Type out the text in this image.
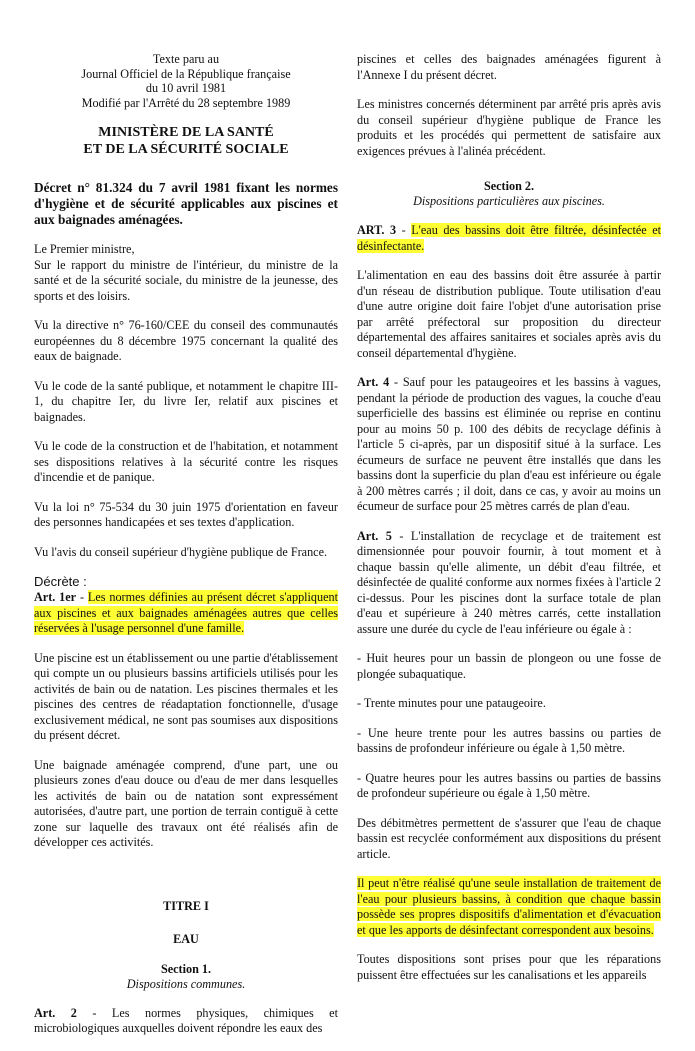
Texte paru au
Journal Officiel de la République française
du 10 avril 1981
Modifié par l'Arrêté du 28 septembre 1989
MINISTÈRE DE LA SANTÉ
ET DE LA SÉCURITÉ SOCIALE

Décret n° 81.324 du 7 avril 1981 fixant les normes d'hygiène et de sécurité applicables aux piscines et aux baignades aménagées.

Le Premier ministre,
Sur le rapport du ministre de l'intérieur, du ministre de la santé et de la sécurité sociale, du ministre de la jeunesse, des sports et des loisirs.

Vu la directive n° 76-160/CEE du conseil des communautés européennes du 8 décembre 1975 concernant la qualité des eaux de baignade.

Vu le code de la santé publique, et notamment le chapitre III-1, du chapitre Ier, du livre Ier, relatif aux piscines et baignades.

Vu le code de la construction et de l'habitation, et notamment ses dispositions relatives à la sécurité contre les risques d'incendie et de panique.

Vu la loi n° 75-534 du 30 juin 1975 d'orientation en faveur des personnes handicapées et ses textes d'application.

Vu l'avis du conseil supérieur d'hygiène publique de France.

Décrète :

Art. 1er - Les normes définies au présent décret s'appliquent aux piscines et aux baignades aménagées autres que celles réservées à l'usage personnel d'une famille.

Une piscine est un établissement ou une partie d'établissement qui compte un ou plusieurs bassins artificiels utilisés pour les activités de bain ou de natation. Les piscines thermales et les piscines des centres de réadaptation fonctionnelle, d'usage exclusivement médical, ne sont pas soumises aux dispositions du présent décret.

Une baignade aménagée comprend, d'une part, une ou plusieurs zones d'eau douce ou d'eau de mer dans lesquelles les activités de bain ou de natation sont expressément autorisées, d'autre part, une portion de terrain contiguë à cette zone sur laquelle des travaux ont été réalisés afin de développer ces activités.

TITRE I
EAU
Section 1.
Dispositions communes.

Art. 2 - Les normes physiques, chimiques et microbiologiques auxquelles doivent répondre les eaux des

piscines et celles des baignades aménagées figurent à l'Annexe I du présent décret.

Les ministres concernés déterminent par arrêté pris après avis du conseil supérieur d'hygiène publique de France les produits et les procédés qui permettent de satisfaire aux exigences prévues à l'alinéa précédent.

Section 2.
Dispositions particulières aux piscines.

ART. 3 - L'eau des bassins doit être filtrée, désinfectée et désinfectante.

L'alimentation en eau des bassins doit être assurée à partir d'un réseau de distribution publique. Toute utilisation d'eau d'une autre origine doit faire l'objet d'une autorisation prise par arrêté préfectoral sur proposition du directeur départemental des affaires sanitaires et sociales après avis du conseil départemental d'hygiène.

Art. 4 - Sauf pour les pataugeoires et les bassins à vagues, pendant la période de production des vagues, la couche d'eau superficielle des bassins est éliminée ou reprise en continu pour au moins 50 p. 100 des débits de recyclage définis à l'article 5 ci-après, par un dispositif situé à la surface. Les écumeurs de surface ne peuvent être installés que dans les bassins dont la superficie du plan d'eau est inférieure ou égale à 200 mètres carrés ; il doit, dans ce cas, y avoir au moins un écumeur de surface pour 25 mètres carrés de plan d'eau.

Art. 5 - L'installation de recyclage et de traitement est dimensionnée pour pouvoir fournir, à tout moment et à chaque bassin qu'elle alimente, un débit d'eau filtrée, et désinfectée de qualité conforme aux normes fixées à l'article 2 ci-dessus. Pour les piscines dont la surface totale de plan d'eau et supérieure à 240 mètres carrés, cette installation assure une durée du cycle de l'eau inférieure ou égale à :

- Huit heures pour un bassin de plongeon ou une fosse de plongée subaquatique.

- Trente minutes pour une pataugeoire.

- Une heure trente pour les autres bassins ou parties de bassins de profondeur inférieure ou égale à 1,50 mètre.

- Quatre heures pour les autres bassins ou parties de bassins de profondeur supérieure ou égale à 1,50 mètre.

Des débitmètres permettent de s'assurer que l'eau de chaque bassin est recyclée conformément aux dispositions du présent article.

Il peut n'être réalisé qu'une seule installation de traitement de l'eau pour plusieurs bassins, à condition que chaque bassin possède ses propres dispositifs d'alimentation et d'évacuation et que les apports de désinfectant correspondent aux besoins.

Toutes dispositions sont prises pour que les réparations puissent être effectuées sur les canalisations et les appareils
